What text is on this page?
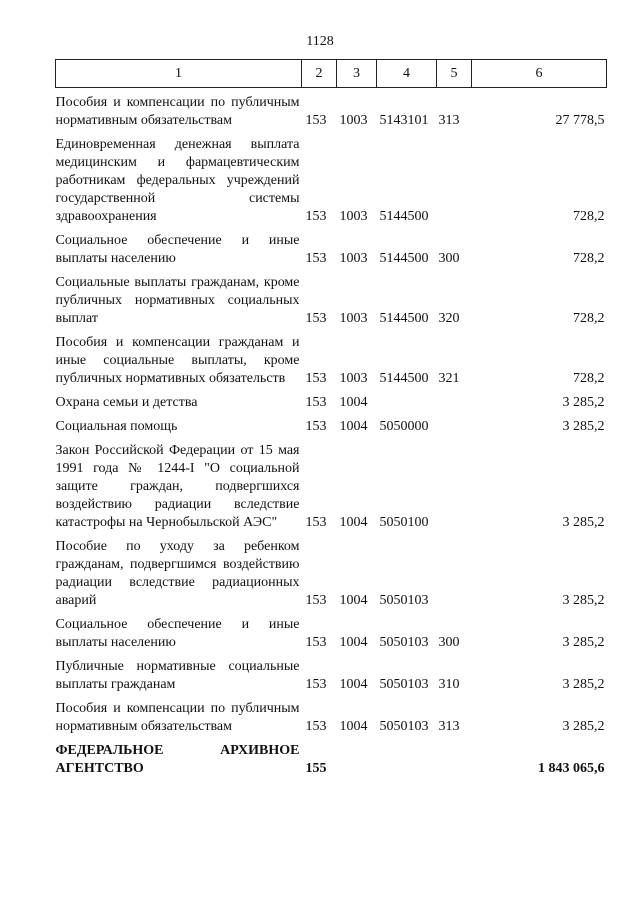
1128
1	2	3	4	5	6
Пособия и компенсации по публичным нормативным обязательствам	153	1003	5143101	313	27 778,5
Единовременная денежная выплата медицинским и фармацевтическим работникам федеральных учреждений государственной системы здравоохранения	153	1003	5144500		728,2
Социальное обеспечение и иные выплаты населению	153	1003	5144500	300	728,2
Социальные выплаты гражданам, кроме публичных нормативных социальных выплат	153	1003	5144500	320	728,2
Пособия и компенсации гражданам и иные социальные выплаты, кроме публичных нормативных обязательств	153	1003	5144500	321	728,2
Охрана семьи и детства	153	1004			3 285,2
Социальная помощь	153	1004	5050000		3 285,2
Закон Российской Федерации от 15 мая 1991 года № 1244-I "О социальной защите граждан, подвергшихся воздействию радиации вследствие катастрофы на Чернобыльской АЭС"	153	1004	5050100		3 285,2
Пособие по уходу за ребенком гражданам, подвергшимся воздействию радиации вследствие радиационных аварий	153	1004	5050103		3 285,2
Социальное обеспечение и иные выплаты населению	153	1004	5050103	300	3 285,2
Публичные нормативные социальные выплаты гражданам	153	1004	5050103	310	3 285,2
Пособия и компенсации по публичным нормативным обязательствам	153	1004	5050103	313	3 285,2
ФЕДЕРАЛЬНОЕ АРХИВНОЕ АГЕНТСТВО	155				1 843 065,6
